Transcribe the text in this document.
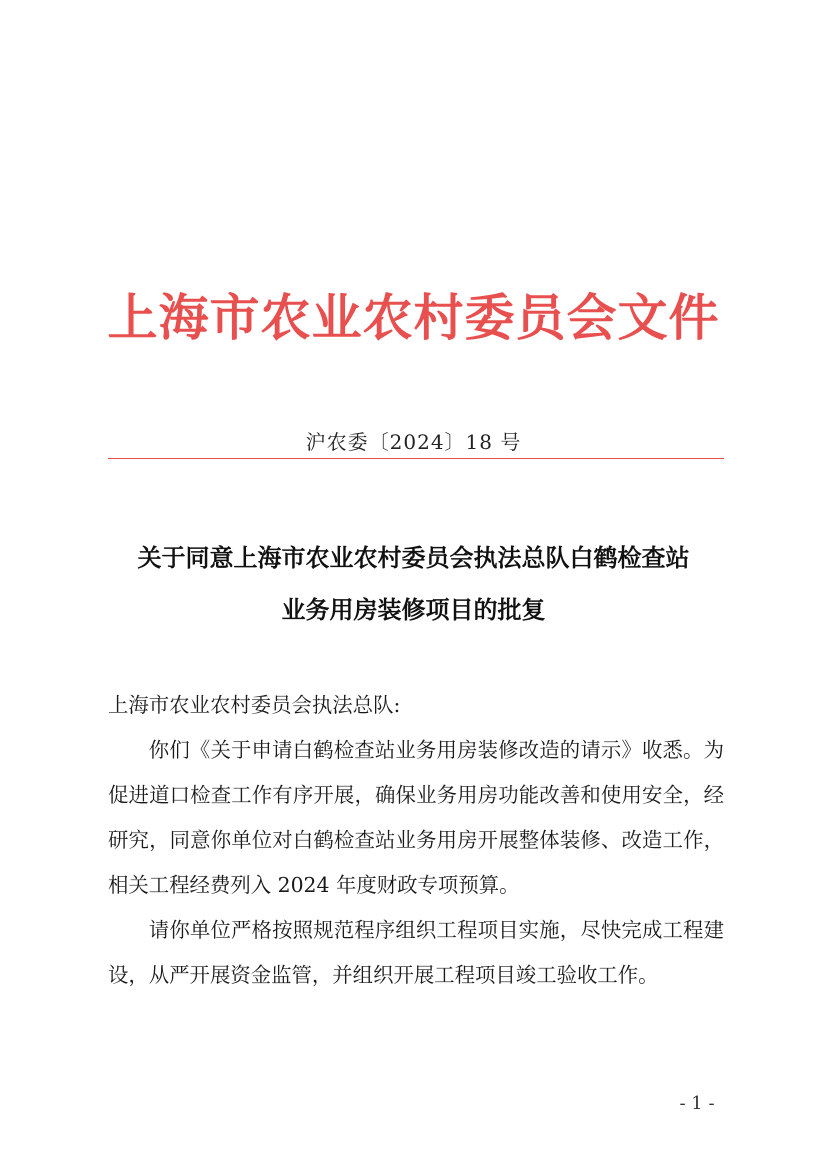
上海市农业农村委员会文件
沪农委〔2024〕18 号
关于同意上海市农业农村委员会执法总队白鹤检查站
业务用房装修项目的批复
上海市农业农村委员会执法总队:

你们《关于申请白鹤检查站业务用房装修改造的请示》收悉。为促进道口检查工作有序开展，确保业务用房功能改善和使用安全，经研究，同意你单位对白鹤检查站业务用房开展整体装修、改造工作，相关工程经费列入 2024 年度财政专项预算。

请你单位严格按照规范程序组织工程项目实施，尽快完成工程建设，从严开展资金监管，并组织开展工程项目竣工验收工作。

- 1 -
